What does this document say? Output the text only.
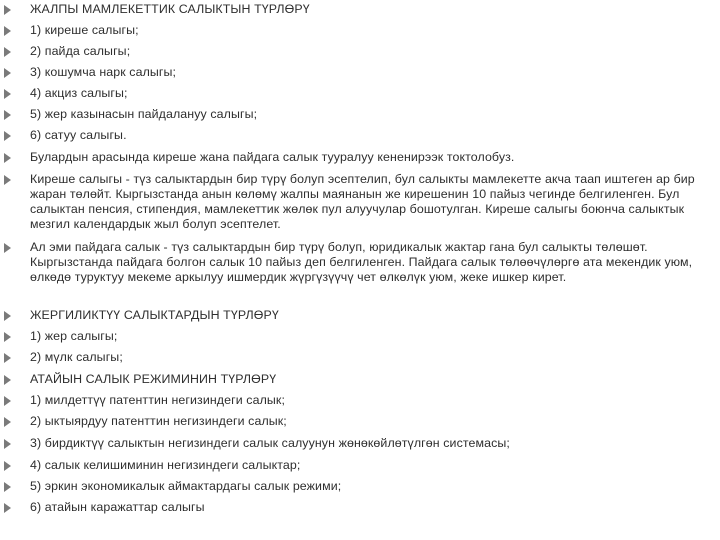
ЖАЛПЫ МАМЛЕКЕТТИК САЛЫКТЫН ТҮРЛӨРҮ
1) киреше салыгы;
2) пайда салыгы;
3) кошумча нарк салыгы;
4) акциз салыгы;
5) жер казынасын пайдалануу салыгы;
6) сатуу салыгы.
Булардын арасында киреше жана пайдага салык тууралуу кененирээк токтолобуз.
Киреше салыгы - түз салыктардын бир түрү болуп эсептелип, бул салыкты мамлекетте акча таап иштеген ар бир жаран төлөйт. Кыргызстанда анын көлөмү жалпы маянанын же кирешенин 10 пайыз чегинде белгиленген. Бул салыктан пенсия, стипендия, мамлекеттик жөлөк пул алуучулар бошотулган. Киреше салыгы боюнча салыктык мезгил календардык жыл болуп эсептелет.
Ал эми пайдага салык - түз салыктардын бир түрү болуп, юридикалык жактар гана бул салыкты төлөшөт. Кыргызстанда пайдага болгон салык 10 пайыз деп белгиленген. Пайдага салык төлөөчүлөргө ата мекендик уюм, өлкөдө туруктуу мекеме аркылуу ишмердик жүргүзүүчү чет өлкөлүк уюм, жеке ишкер кирет.
ЖЕРГИЛИКТҮҮ САЛЫКТАРДЫН ТҮРЛӨРҮ
1) жер салыгы;
2) мүлк салыгы;
АТАЙЫН САЛЫК РЕЖИМИНИН ТҮРЛӨРҮ
1) милдеттүү патенттин негизиндеги салык;
2) ыктыярдуу патенттин негизиндеги салык;
3) бирдиктүү салыктын негизиндеги салык салуунун жөнөкөйлөтүлгөн системасы;
4) салык келишиминин негизиндеги салыктар;
5) эркин экономикалык аймактардагы салык режими;
6) атайын каражаттар салыгы
